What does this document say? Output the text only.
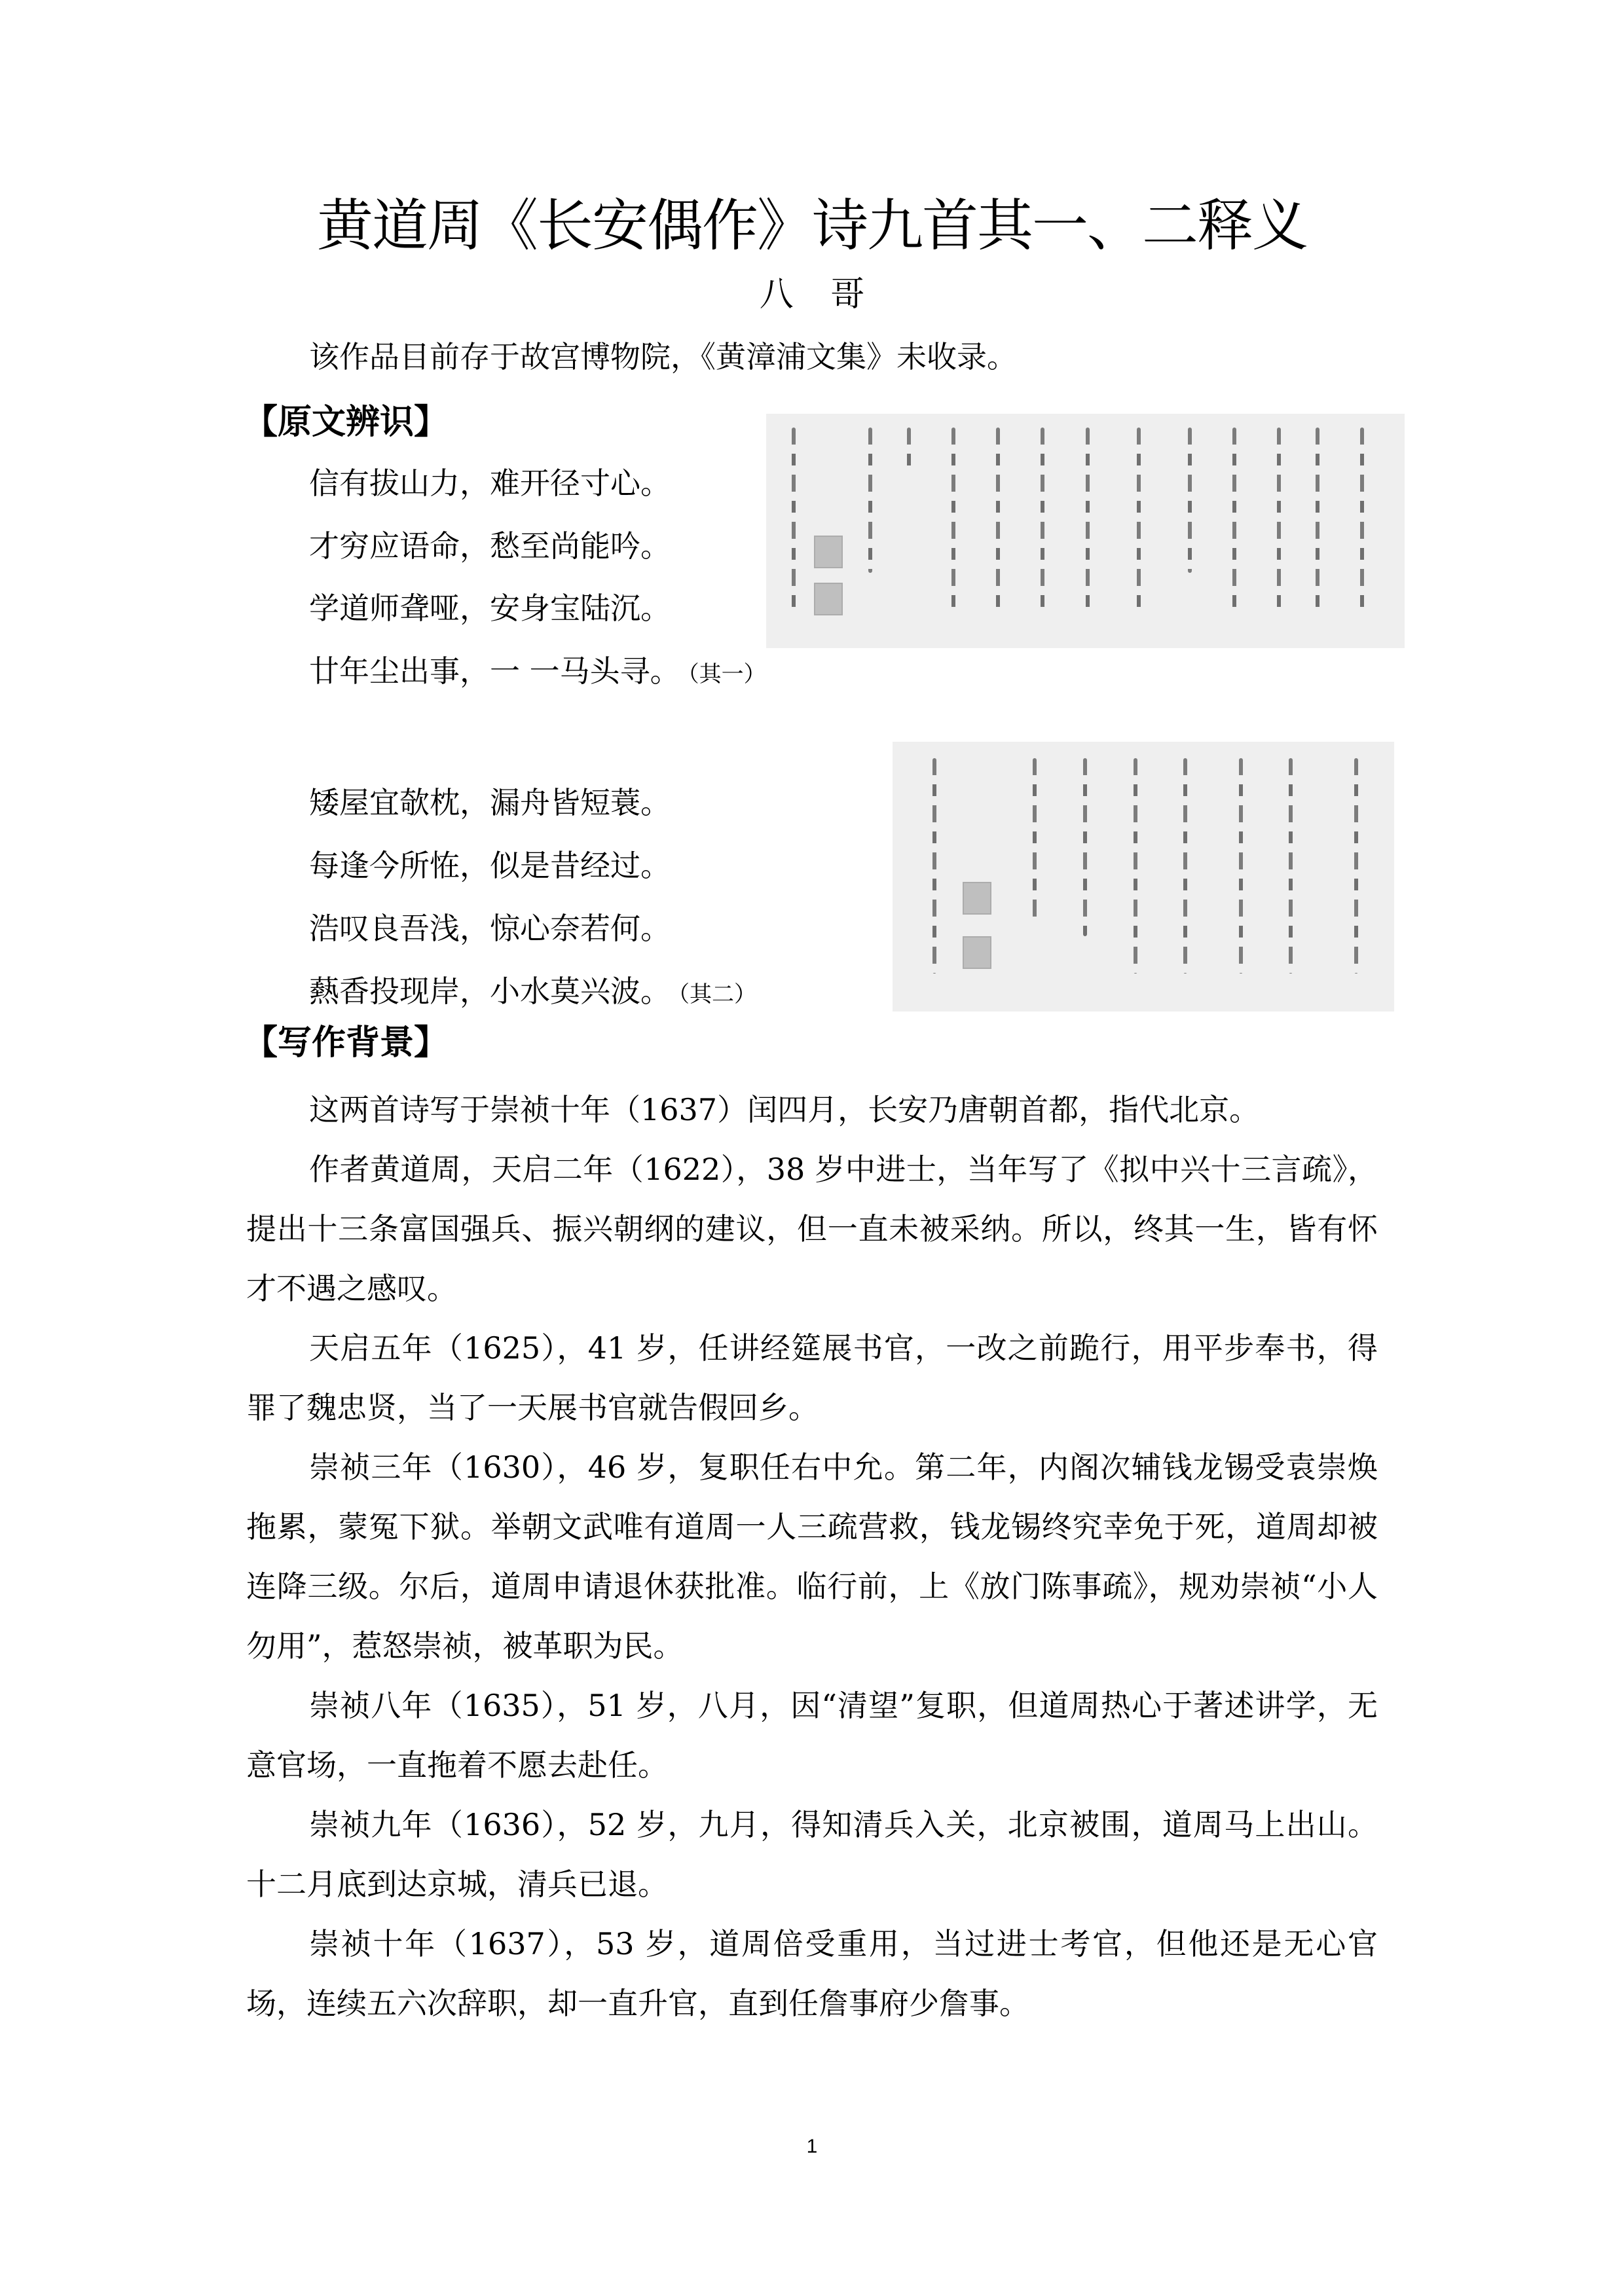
黄道周《长安偶作》诗九首其一、二释义
八 哥
该作品目前存于故宫博物院，《黄漳浦文集》未收录。
【原文辨识】
信有拔山力，难开径寸心。
才穷应语命，愁至尚能吟。
学道师聋哑，安身宝陆沉。
廿年尘出事，一 一马头寻。 （其一）
矮屋宜欹枕，漏舟皆短蓑。
每逢今所恠，似是昔经过。
浩叹良吾浅，惊心奈若何。
爇香投现岸，小水莫兴波。 （其二）
【写作背景】

这两首诗写于崇祯十年（1637）闰四月，长安乃唐朝首都，指代北京。

作者黄道周，天启二年（1622），38 岁中进士，当年写了《拟中兴十三言疏》，提出十三条富国强兵、振兴朝纲的建议，但一直未被采纳。所以，终其一生，皆有怀才不遇之感叹。

天启五年（1625），41 岁，任讲经筵展书官，一改之前跪行，用平步奉书，得罪了魏忠贤，当了一天展书官就告假回乡。

崇祯三年（1630），46 岁，复职任右中允。第二年，内阁次辅钱龙锡受袁崇焕拖累，蒙冤下狱。举朝文武唯有道周一人三疏营救，钱龙锡终究幸免于死，道周却被连降三级。尔后，道周申请退休获批准。临行前，上《放门陈事疏》，规劝崇祯“小人勿用”，惹怒崇祯，被革职为民。

崇祯八年（1635），51 岁，八月，因“清望”复职，但道周热心于著述讲学，无意官场，一直拖着不愿去赴任。

崇祯九年（1636），52 岁，九月，得知清兵入关，北京被围，道周马上出山。十二月底到达京城，清兵已退。

崇祯十年（1637），53 岁，道周倍受重用，当过进士考官，但他还是无心官场，连续五六次辞职，却一直升官，直到任詹事府少詹事。

1
